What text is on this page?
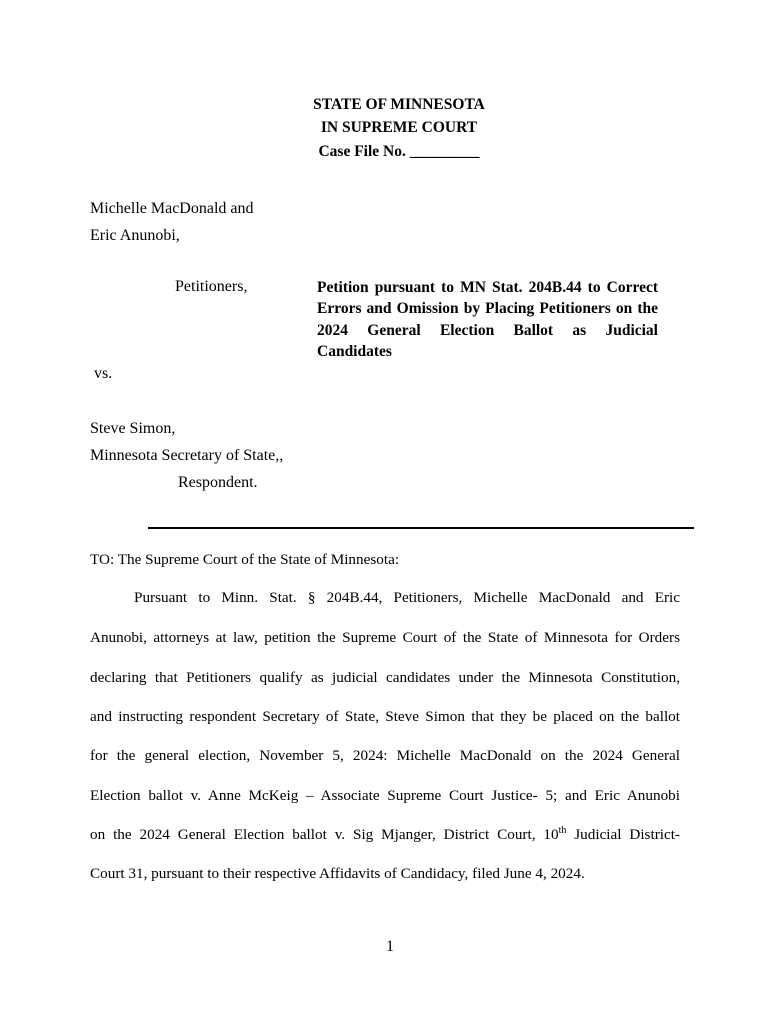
STATE OF MINNESOTA
IN SUPREME COURT
Case File No. _________
Michelle MacDonald and
Eric Anunobi,
Petitioners,	Petition pursuant to MN Stat. 204B.44 to Correct Errors and Omission by Placing Petitioners on the 2024 General Election Ballot as Judicial Candidates
vs.
Steve Simon,
Minnesota Secretary of State,,
Respondent.
TO: The Supreme Court of the State of Minnesota:
Pursuant to Minn. Stat. § 204B.44, Petitioners, Michelle MacDonald and Eric
Anunobi, attorneys at law, petition the Supreme Court of the State of Minnesota for Orders
declaring that Petitioners qualify as judicial candidates under the Minnesota Constitution,
and instructing respondent Secretary of State, Steve Simon that they be placed on the ballot
for the general election, November 5, 2024: Michelle MacDonald on the 2024 General
Election ballot v. Anne McKeig – Associate Supreme Court Justice- 5; and Eric Anunobi
on the 2024 General Election ballot v. Sig Mjanger, District Court, 10th Judicial District-
Court 31, pursuant to their respective Affidavits of Candidacy, filed June 4, 2024.
1
